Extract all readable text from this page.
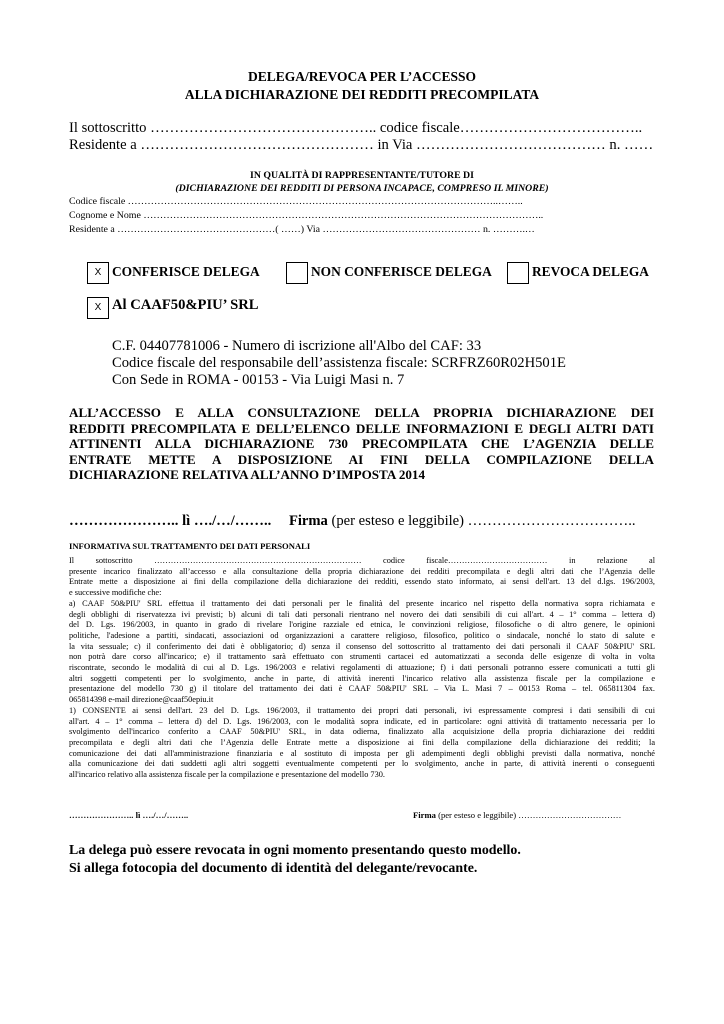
DELEGA/REVOCA PER L’ACCESSO
ALLA DICHIARAZIONE DEI REDDITI PRECOMPILATA
Il sottoscritto ……………………………………….. codice fiscale………………………………..
Residente a ………………………………………… in Via ………………………………… n. ……
IN QUALITÀ DI RAPPRESENTANTE/TUTORE DI
(DICHIARAZIONE DEI REDDITI DI PERSONA INCAPACE, COMPRESO IL MINORE)
Codice fiscale …………………………………………………………………………………………………..……..
Cognome e Nome …………………………………………………………………………………………………………..
Residente a …………………………………………( ……) Via ………………………………………… n. ……….…
X CONFERISCE DELEGA	NON CONFERISCE DELEGA	REVOCA DELEGA
X Al CAAF50&PIU’ SRL
C.F. 04407781006 - Numero di iscrizione all'Albo del CAF: 33
Codice fiscale del responsabile dell’assistenza fiscale: SCRFRZ60R02H501E
Con Sede in ROMA - 00153 - Via Luigi Masi n. 7
ALL’ACCESSO E ALLA CONSULTAZIONE DELLA PROPRIA DICHIARAZIONE DEI
REDDITI PRECOMPILATA E DELL’ELENCO DELLE INFORMAZIONI E DEGLI ALTRI DATI
ATTINENTI ALLA DICHIARAZIONE 730 PRECOMPILATA CHE L’AGENZIA DELLE
ENTRATE METTE A DISPOSIZIONE AI FINI DELLA COMPILAZIONE DELLA
DICHIARAZIONE RELATIVA ALL’ANNO D’IMPOSTA 2014
………………….. lì …./…/…….. Firma (per esteso e leggibile) ……………………………..
INFORMATIVA SUL TRATTAMENTO DEI DATI PERSONALI
Il sottoscritto ………………………………………………………………… codice fiscale……………………………… in relazione al
presente incarico finalizzato all’accesso e alla consultazione della propria dichiarazione dei redditi precompilata e degli altri dati che l’Agenzia delle
Entrate mette a disposizione ai fini della compilazione della dichiarazione dei redditi, essendo stato informato, ai sensi dell'art. 13 del d.lgs. 196/2003,
e successive modifiche che:
a) CAAF 50&PIU' SRL effettua il trattamento dei dati personali per le finalità del presente incarico nel rispetto della normativa sopra richiamata e
degli obblighi di riservatezza ivi previsti; b) alcuni di tali dati personali rientrano nel novero dei dati sensibili di cui all'art. 4 – 1° comma – lettera d)
del D. Lgs. 196/2003, in quanto in grado di rivelare l'origine razziale ed etnica, le convinzioni religiose, filosofiche o di altro genere, le opinioni
politiche, l'adesione a partiti, sindacati, associazioni od organizzazioni a carattere religioso, filosofico, politico o sindacale, nonché lo stato di salute e
la vita sessuale; c) il conferimento dei dati è obbligatorio; d) senza il consenso del sottoscritto al trattamento dei dati personali il CAAF 50&PIU' SRL
non potrà dare corso all'incarico; e) il trattamento sarà effettuato con strumenti cartacei ed automatizzati a seconda delle esigenze di volta in volta
riscontrate, secondo le modalità di cui al D. Lgs. 196/2003 e relativi regolamenti di attuazione; f) i dati personali potranno essere comunicati a tutti gli
altri soggetti competenti per lo svolgimento, anche in parte, di attività inerenti l'incarico relativo alla assistenza fiscale per la compilazione e
presentazione del modello 730 g) il titolare del trattamento dei dati è CAAF 50&PIU' SRL – Via L. Masi 7 – 00153 Roma – tel. 065811304 fax.
065814398 e-mail direzione@caaf50epiu.it
1) CONSENTE ai sensi dell'art. 23 del D. Lgs. 196/2003, il trattamento dei propri dati personali, ivi espressamente compresi i dati sensibili di cui
all'art. 4 – 1° comma – lettera d) del D. Lgs. 196/2003, con le modalità sopra indicate, ed in particolare: ogni attività di trattamento necessaria per lo
svolgimento dell'incarico conferito a CAAF 50&PIU' SRL, in data odierna, finalizzato alla acquisizione della propria dichiarazione dei redditi
precompilata e degli altri dati che l’Agenzia delle Entrate mette a disposizione ai fini della compilazione della dichiarazione dei redditi; la
comunicazione dei dati all'amministrazione finanziaria e al sostituto di imposta per gli adempimenti degli obblighi previsti dalla normativa, nonché
alla comunicazione dei dati suddetti agli altri soggetti eventualmente competenti per lo svolgimento, anche in parte, di attività inerenti o conseguenti
all'incarico relativo alla assistenza fiscale per la compilazione e presentazione del modello 730.
………………….. lì …./…/……..	Firma (per esteso e leggibile) ………………………………
La delega può essere revocata in ogni momento presentando questo modello.
Si allega fotocopia del documento di identità del delegante/revocante.
